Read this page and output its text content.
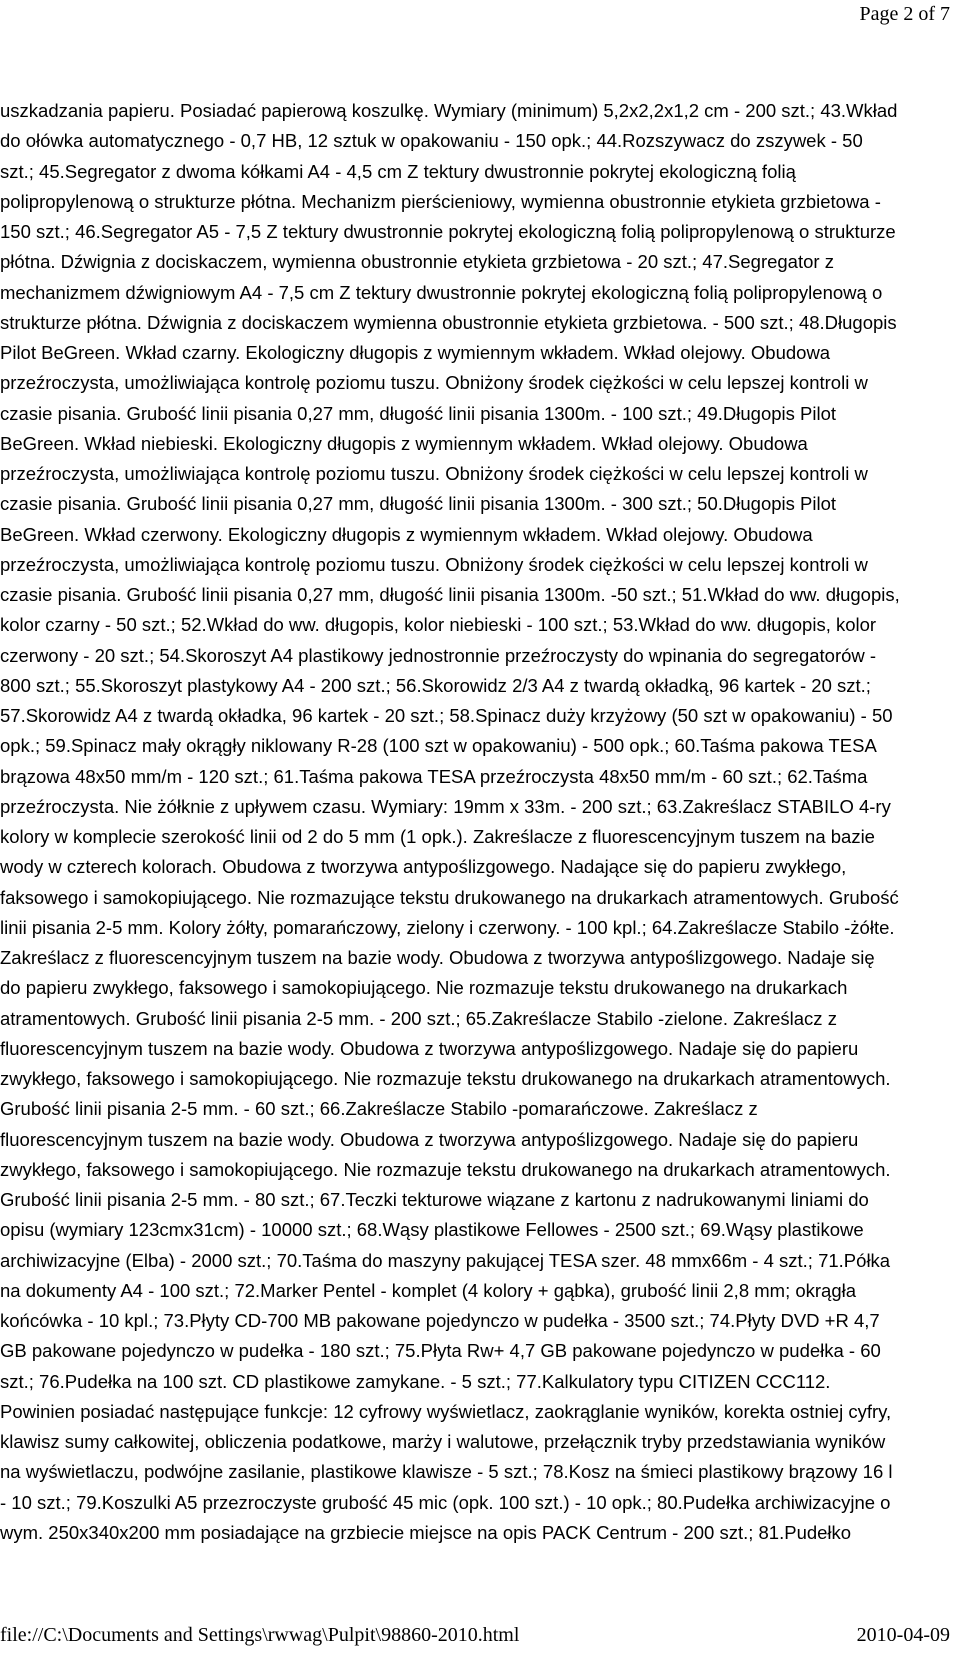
Page 2 of 7
uszkadzania papieru. Posiadać papierową koszulkę. Wymiary (minimum) 5,2x2,2x1,2 cm - 200 szt.; 43.Wkład
do ołówka automatycznego - 0,7 HB, 12 sztuk w opakowaniu - 150 opk.; 44.Rozszywacz do zszywek - 50
szt.; 45.Segregator z dwoma kółkami A4 - 4,5 cm Z tektury dwustronnie pokrytej ekologiczną folią
polipropylenową o strukturze płótna. Mechanizm pierścieniowy, wymienna obustronnie etykieta grzbietowa -
150 szt.; 46.Segregator A5 - 7,5 Z tektury dwustronnie pokrytej ekologiczną folią polipropylenową o strukturze
płótna. Dźwignia z dociskaczem, wymienna obustronnie etykieta grzbietowa - 20 szt.; 47.Segregator z
mechanizmem dźwigniowym A4 - 7,5 cm Z tektury dwustronnie pokrytej ekologiczną folią polipropylenową o
strukturze płótna. Dźwignia z dociskaczem wymienna obustronnie etykieta grzbietowa. - 500 szt.; 48.Długopis
Pilot BeGreen. Wkład czarny. Ekologiczny długopis z wymiennym wkładem. Wkład olejowy. Obudowa
przeźroczysta, umożliwiająca kontrolę poziomu tuszu. Obniżony środek ciężkości w celu lepszej kontroli w
czasie pisania. Grubość linii pisania 0,27 mm, długość linii pisania 1300m. - 100 szt.; 49.Długopis Pilot
BeGreen. Wkład niebieski. Ekologiczny długopis z wymiennym wkładem. Wkład olejowy. Obudowa
przeźroczysta, umożliwiająca kontrolę poziomu tuszu. Obniżony środek ciężkości w celu lepszej kontroli w
czasie pisania. Grubość linii pisania 0,27 mm, długość linii pisania 1300m. - 300 szt.; 50.Długopis Pilot
BeGreen. Wkład czerwony. Ekologiczny długopis z wymiennym wkładem. Wkład olejowy. Obudowa
przeźroczysta, umożliwiająca kontrolę poziomu tuszu. Obniżony środek ciężkości w celu lepszej kontroli w
czasie pisania. Grubość linii pisania 0,27 mm, długość linii pisania 1300m. -50 szt.; 51.Wkład do ww. długopis,
kolor czarny - 50 szt.; 52.Wkład do ww. długopis, kolor niebieski - 100 szt.; 53.Wkład do ww. długopis, kolor
czerwony - 20 szt.; 54.Skoroszyt A4 plastikowy jednostronnie przeźroczysty do wpinania do segregatorów -
800 szt.; 55.Skoroszyt plastykowy A4 - 200 szt.; 56.Skorowidz 2/3 A4 z twardą okładką, 96 kartek - 20 szt.;
57.Skorowidz A4 z twardą okładka, 96 kartek - 20 szt.; 58.Spinacz duży krzyżowy (50 szt w opakowaniu) - 50
opk.; 59.Spinacz mały okrągły niklowany R-28 (100 szt w opakowaniu) - 500 opk.; 60.Taśma pakowa TESA
brązowa 48x50 mm/m - 120 szt.; 61.Taśma pakowa TESA przeźroczysta 48x50 mm/m - 60 szt.; 62.Taśma
przeźroczysta. Nie żółknie z upływem czasu. Wymiary: 19mm x 33m. - 200 szt.; 63.Zakreślacz STABILO 4-ry
kolory w komplecie szerokość linii od 2 do 5 mm (1 opk.). Zakreślacze z fluorescencyjnym tuszem na bazie
wody w czterech kolorach. Obudowa z tworzywa antypoślizgowego. Nadające się do papieru zwykłego,
faksowego i samokopiującego. Nie rozmazujące tekstu drukowanego na drukarkach atramentowych. Grubość
linii pisania 2-5 mm. Kolory żółty, pomarańczowy, zielony i czerwony. - 100 kpl.; 64.Zakreślacze Stabilo -żółte.
Zakreślacz z fluorescencyjnym tuszem na bazie wody. Obudowa z tworzywa antypoślizgowego. Nadaje się
do papieru zwykłego, faksowego i samokopiującego. Nie rozmazuje tekstu drukowanego na drukarkach
atramentowych. Grubość linii pisania 2-5 mm. - 200 szt.; 65.Zakreślacze Stabilo -zielone. Zakreślacz z
fluorescencyjnym tuszem na bazie wody. Obudowa z tworzywa antypoślizgowego. Nadaje się do papieru
zwykłego, faksowego i samokopiującego. Nie rozmazuje tekstu drukowanego na drukarkach atramentowych.
Grubość linii pisania 2-5 mm. - 60 szt.; 66.Zakreślacze Stabilo -pomarańczowe. Zakreślacz z
fluorescencyjnym tuszem na bazie wody. Obudowa z tworzywa antypoślizgowego. Nadaje się do papieru
zwykłego, faksowego i samokopiującego. Nie rozmazuje tekstu drukowanego na drukarkach atramentowych.
Grubość linii pisania 2-5 mm. - 80 szt.; 67.Teczki tekturowe wiązane z kartonu z nadrukowanymi liniami do
opisu (wymiary 123cmx31cm) - 10000 szt.; 68.Wąsy plastikowe Fellowes - 2500 szt.; 69.Wąsy plastikowe
archiwizacyjne (Elba) - 2000 szt.; 70.Taśma do maszyny pakującej TESA szer. 48 mmx66m - 4 szt.; 71.Półka
na dokumenty A4 - 100 szt.; 72.Marker Pentel - komplet (4 kolory + gąbka), grubość linii 2,8 mm; okrągła
końcówka - 10 kpl.; 73.Płyty CD-700 MB pakowane pojedynczo w pudełka - 3500 szt.; 74.Płyty DVD +R 4,7
GB pakowane pojedynczo w pudełka - 180 szt.; 75.Płyta Rw+ 4,7 GB pakowane pojedynczo w pudełka - 60
szt.; 76.Pudełka na 100 szt. CD plastikowe zamykane. - 5 szt.; 77.Kalkulatory typu CITIZEN CCC112.
Powinien posiadać następujące funkcje: 12 cyfrowy wyświetlacz, zaokrąglanie wyników, korekta ostniej cyfry,
klawisz sumy całkowitej, obliczenia podatkowe, marży i walutowe, przełącznik tryby przedstawiania wyników
na wyświetlaczu, podwójne zasilanie, plastikowe klawisze - 5 szt.; 78.Kosz na śmieci plastikowy brązowy 16 l
- 10 szt.; 79.Koszulki A5 przezroczyste grubość 45 mic (opk. 100 szt.) - 10 opk.; 80.Pudełka archiwizacyjne o
wym. 250x340x200 mm posiadające na grzbiecie miejsce na opis PACK Centrum - 200 szt.; 81.Pudełko
file://C:\Documents and Settings\rwwag\Pulpit\98860-2010.html	2010-04-09
